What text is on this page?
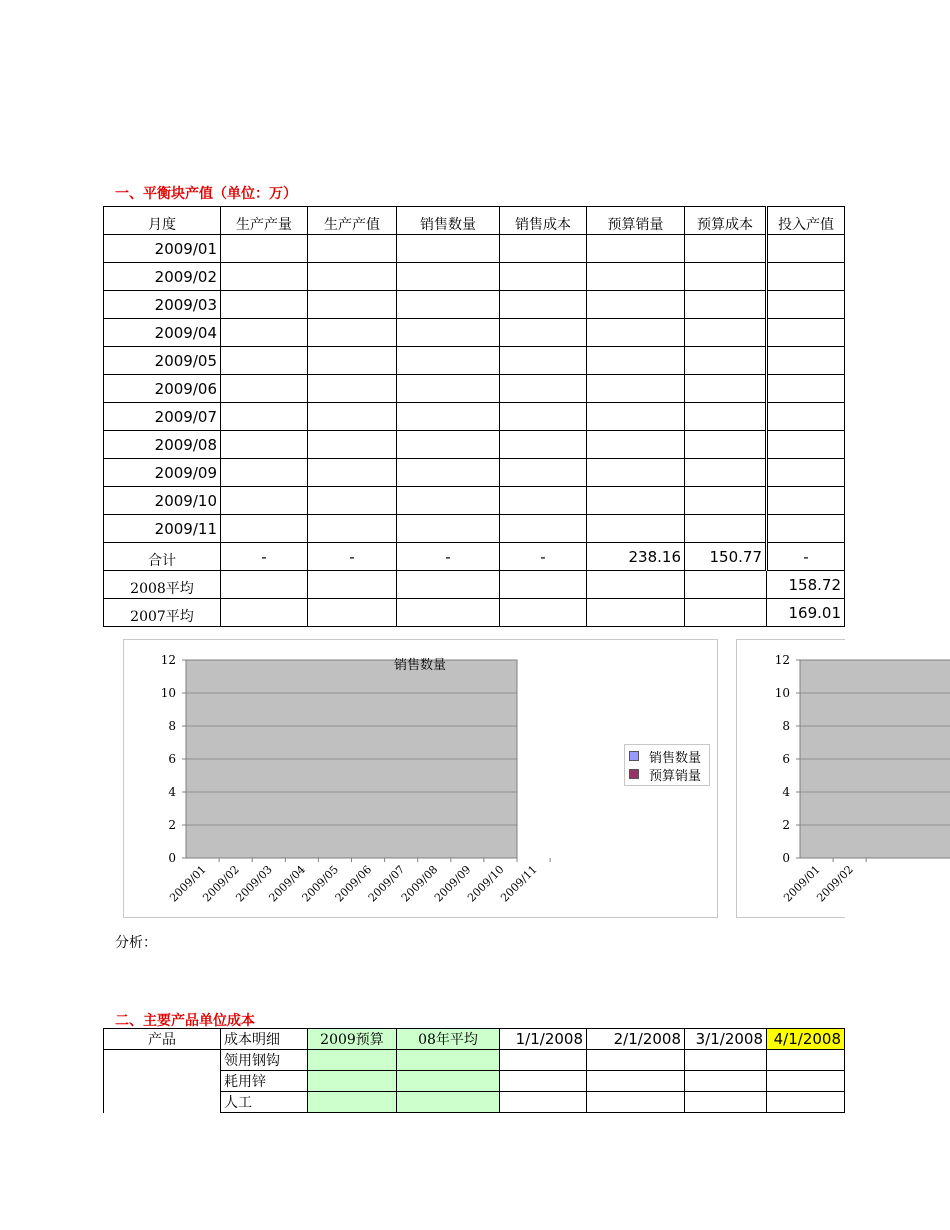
一、平衡块产值（单位：万）
月度	生产产量	生产产值	销售数量	销售成本	预算销量	预算成本	投入产值
2009/01							
2009/02							
2009/03							
2009/04							
2009/05							
2009/06							
2009/07							
2009/08							
2009/09							
2009/10							
2009/11							
合计	-	-	-	-	238.16	150.77	-
2008平均							158.72
2007平均							169.01
0
2
4
6
8
10
12
2009/01
2009/02
2009/03
2009/04
2009/05
2009/06
2009/07
2009/08
2009/09
2009/10
2009/11
销售数量
销售数量
预算销量
0
2
4
6
8
10
12
2009/01
2009/02
分析：
二、主要产品单位成本
产品	成本明细	2009预算	08年平均	1/1/2008	2/1/2008	3/1/2008	4/1/2008
	领用钢钩						
	耗用锌						
	人工						
